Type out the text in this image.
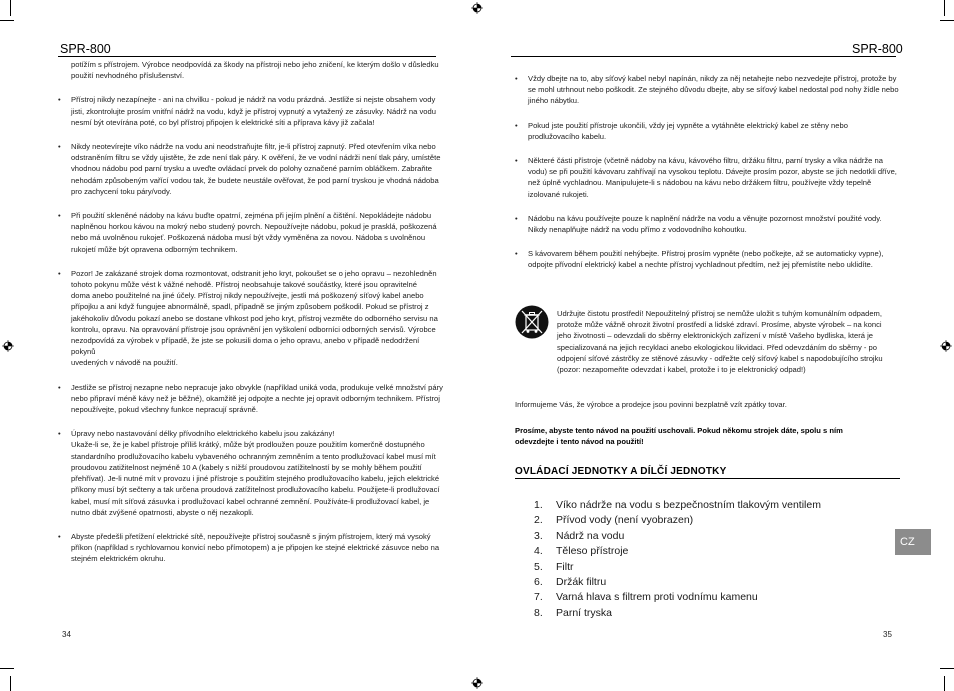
SPR-800
potížím s přístrojem. Výrobce neodpovídá za škody na přístroji nebo jeho zničení, ke kterým došlo v důsledku
použití nevhodného příslušenství.
• Přístroj nikdy nezapínejte - ani na chvilku - pokud je nádrž na vodu prázdná. Jestliže si nejste obsahem vody
jisti, zkontrolujte prosím vnitřní nádrž na vodu, když je přístroj vypnutý a vytažený ze zásuvky. Nádrž na vodu
nesmí být otevírána poté, co byl přístroj připojen k elektrické síti a příprava kávy již začala!
• Nikdy neotevírejte víko nádrže na vodu ani neodstraňujte filtr, je-li přístroj zapnutý. Před otevřením víka nebo
odstraněním filtru se vždy ujistěte, že zde není tlak páry. K ověření, že ve vodní nádrži není tlak páry, umístěte
vhodnou nádobu pod parní trysku a uveďte ovládací prvek do polohy označené parním obláčkem. Zabraňte
nehodám způsobeným vařící vodou tak, že budete neustále ověřovat, že pod parní tryskou je vhodná nádoba
pro zachycení toku páry/vody.
• Při použití skleněné nádoby na kávu buďte opatrní, zejména při jejím plnění a čištění. Nepokládejte nádobu
naplněnou horkou kávou na mokrý nebo studený povrch. Nepoužívejte nádobu, pokud je prasklá, poškozená
nebo má uvolněnou rukojeť. Poškozená nádoba musí být vždy vyměněna za novou. Nádoba s uvolněnou
rukojetí může být opravena odborným technikem.
• Pozor! Je zakázané strojek doma rozmontovat, odstranit jeho kryt, pokoušet se o jeho opravu – nezohledněn
tohoto pokynu může vést k vážné nehodě. Přístroj neobsahuje takové součástky, které jsou opravitelné
doma anebo použitelné na jiné účely. Přístroj nikdy nepoužívejte, jestli má poškozený síťový kabel anebo
přípojku a ani když fungujee abnormálně, spadl, případně se jiným způsobem poškodil. Pokud se přístroj z
jakéhokoliv důvodu pokazí anebo se dostane vlhkost pod jeho kryt, přístroj vezměte do odborného servisu na
kontrolu, opravu. Na opravování přístroje jsou oprávnění jen vyškolení odborníci odborných servisů. Výrobce
nezodpovídá za výrobek v případě, že jste se pokusili doma o jeho opravu, anebo v případě nedodržení pokynů
uvedených v návodě na použití.
• Jestliže se přístroj nezapne nebo nepracuje jako obvykle (například uniká voda, produkuje velké množství páry
nebo připraví méně kávy než je běžné), okamžitě jej odpojte a nechte jej opravit odborným technikem. Přístroj
nepoužívejte, pokud všechny funkce nepracují správně.
• Úpravy nebo nastavování délky přívodního elektrického kabelu jsou zakázány!
Ukaže-li se, že je kabel přístroje příliš krátký, může být prodloužen pouze použitím komerčně dostupného
standardního prodlužovacího kabelu vybaveného ochranným zemněním a tento prodlužovací kabel musí mít
proudovou zatižitelnost nejméně 10 A (kabely s nižší proudovou zatížitelností by se mohly během použití
přehřívat). Je-li nutné mít v provozu i jiné přístroje s použitím stejného prodlužovacího kabelu, jejich elektrické
příkony musí být sečteny a tak určena proudová zatížitelnost prodlužovacího kabelu. Použijete-li prodlužovací
kabel, musí mít síťová zásuvka i prodlužovací kabel ochranné zemnění. Používáte-li prodlužovací kabel, je
nutno dbát zvýšené opatrnosti, abyste o něj nezakopli.
• Abyste předešli přetížení elektrické sítě, nepoužívejte přístroj současně s jiným přístrojem, který má vysoký
příkon (například s rychlovarnou konvicí nebo přímotopem) a je připojen ke stejné elektrické zásuvce nebo na
stejném elektrickém okruhu.
34
SPR-800
• Vždy dbejte na to, aby síťový kabel nebyl napínán, nikdy za něj netahejte nebo nezvedejte přístroj, protože by
se mohl utrhnout nebo poškodit. Ze stejného důvodu dbejte, aby se síťový kabel nedostal pod nohy žídle nebo
jiného nábytku.
• Pokud jste použití přístroje ukončili, vždy jej vypněte a vytáhněte elektrický kabel ze stěny nebo
prodlužovacího kabelu.
• Některé části přístroje (včetně nádoby na kávu, kávového filtru, držáku filtru, parní trysky a víka nádrže na
vodu) se při použití kávovaru zahřívají na vysokou teplotu. Dávejte prosím pozor, abyste se jich nedotkli dříve,
než úplně vychladnou. Manipulujete-li s nádobou na kávu nebo držákem filtru, používejte vždy tepelně
izolované rukojeti.
• Nádobu na kávu používejte pouze k naplnění nádrže na vodu a věnujte pozornost množství použité vody.
Nikdy nenaplňujte nádrž na vodu přímo z vodovodního kohoutku.
• S kávovarem během použití nehýbejte. Přístroj prosím vypněte (nebo počkejte, až se automaticky vypne),
odpojte přívodní elektrický kabel a nechte přístroj vychladnout předtím, než jej přemístíte nebo uklidíte.
Udržujte čistotu prostředí! Nepoužitelný přístroj se nemůže uložit s tuhým komunálním odpadem,
protože může vážně ohrozit životní prostředí a lidské zdraví. Prosíme, abyste výrobek – na konci
jeho životnosti – odevzdali do sběrny elektronických zařízení v místě Vašeho bydliska, která je
specializovaná na jejich recyklaci anebo ekologickou likvidaci. Před odevzdáním do sběrny - po
odpojení síťové zástrčky ze stěnové zásuvky - odřežte celý síťový kabel s napodobujícího strojku
(pozor: nezapomeňte odevzdat i kabel, protože i to je elektronický odpad!)
Informujeme Vás, že výrobce a prodejce jsou povinni bezplatně vzít zpátky tovar.
Prosíme, abyste tento návod na použití uschovali. Pokud někomu strojek dáte, spolu s ním
odevzdejte i tento návod na použití!
OVLÁDACÍ JEDNOTKY A DÍLČÍ JEDNOTKY
1.	Víko nádrže na vodu s bezpečnostním tlakovým ventilem
2.	Přívod vody (není vyobrazen)
3.	Nádrž na vodu
4.	Těleso přístroje
5.	Filtr
6.	Držák filtru
7.	Varná hlava s filtrem proti vodnímu kamenu
8.	Parní tryska
35
CZ
